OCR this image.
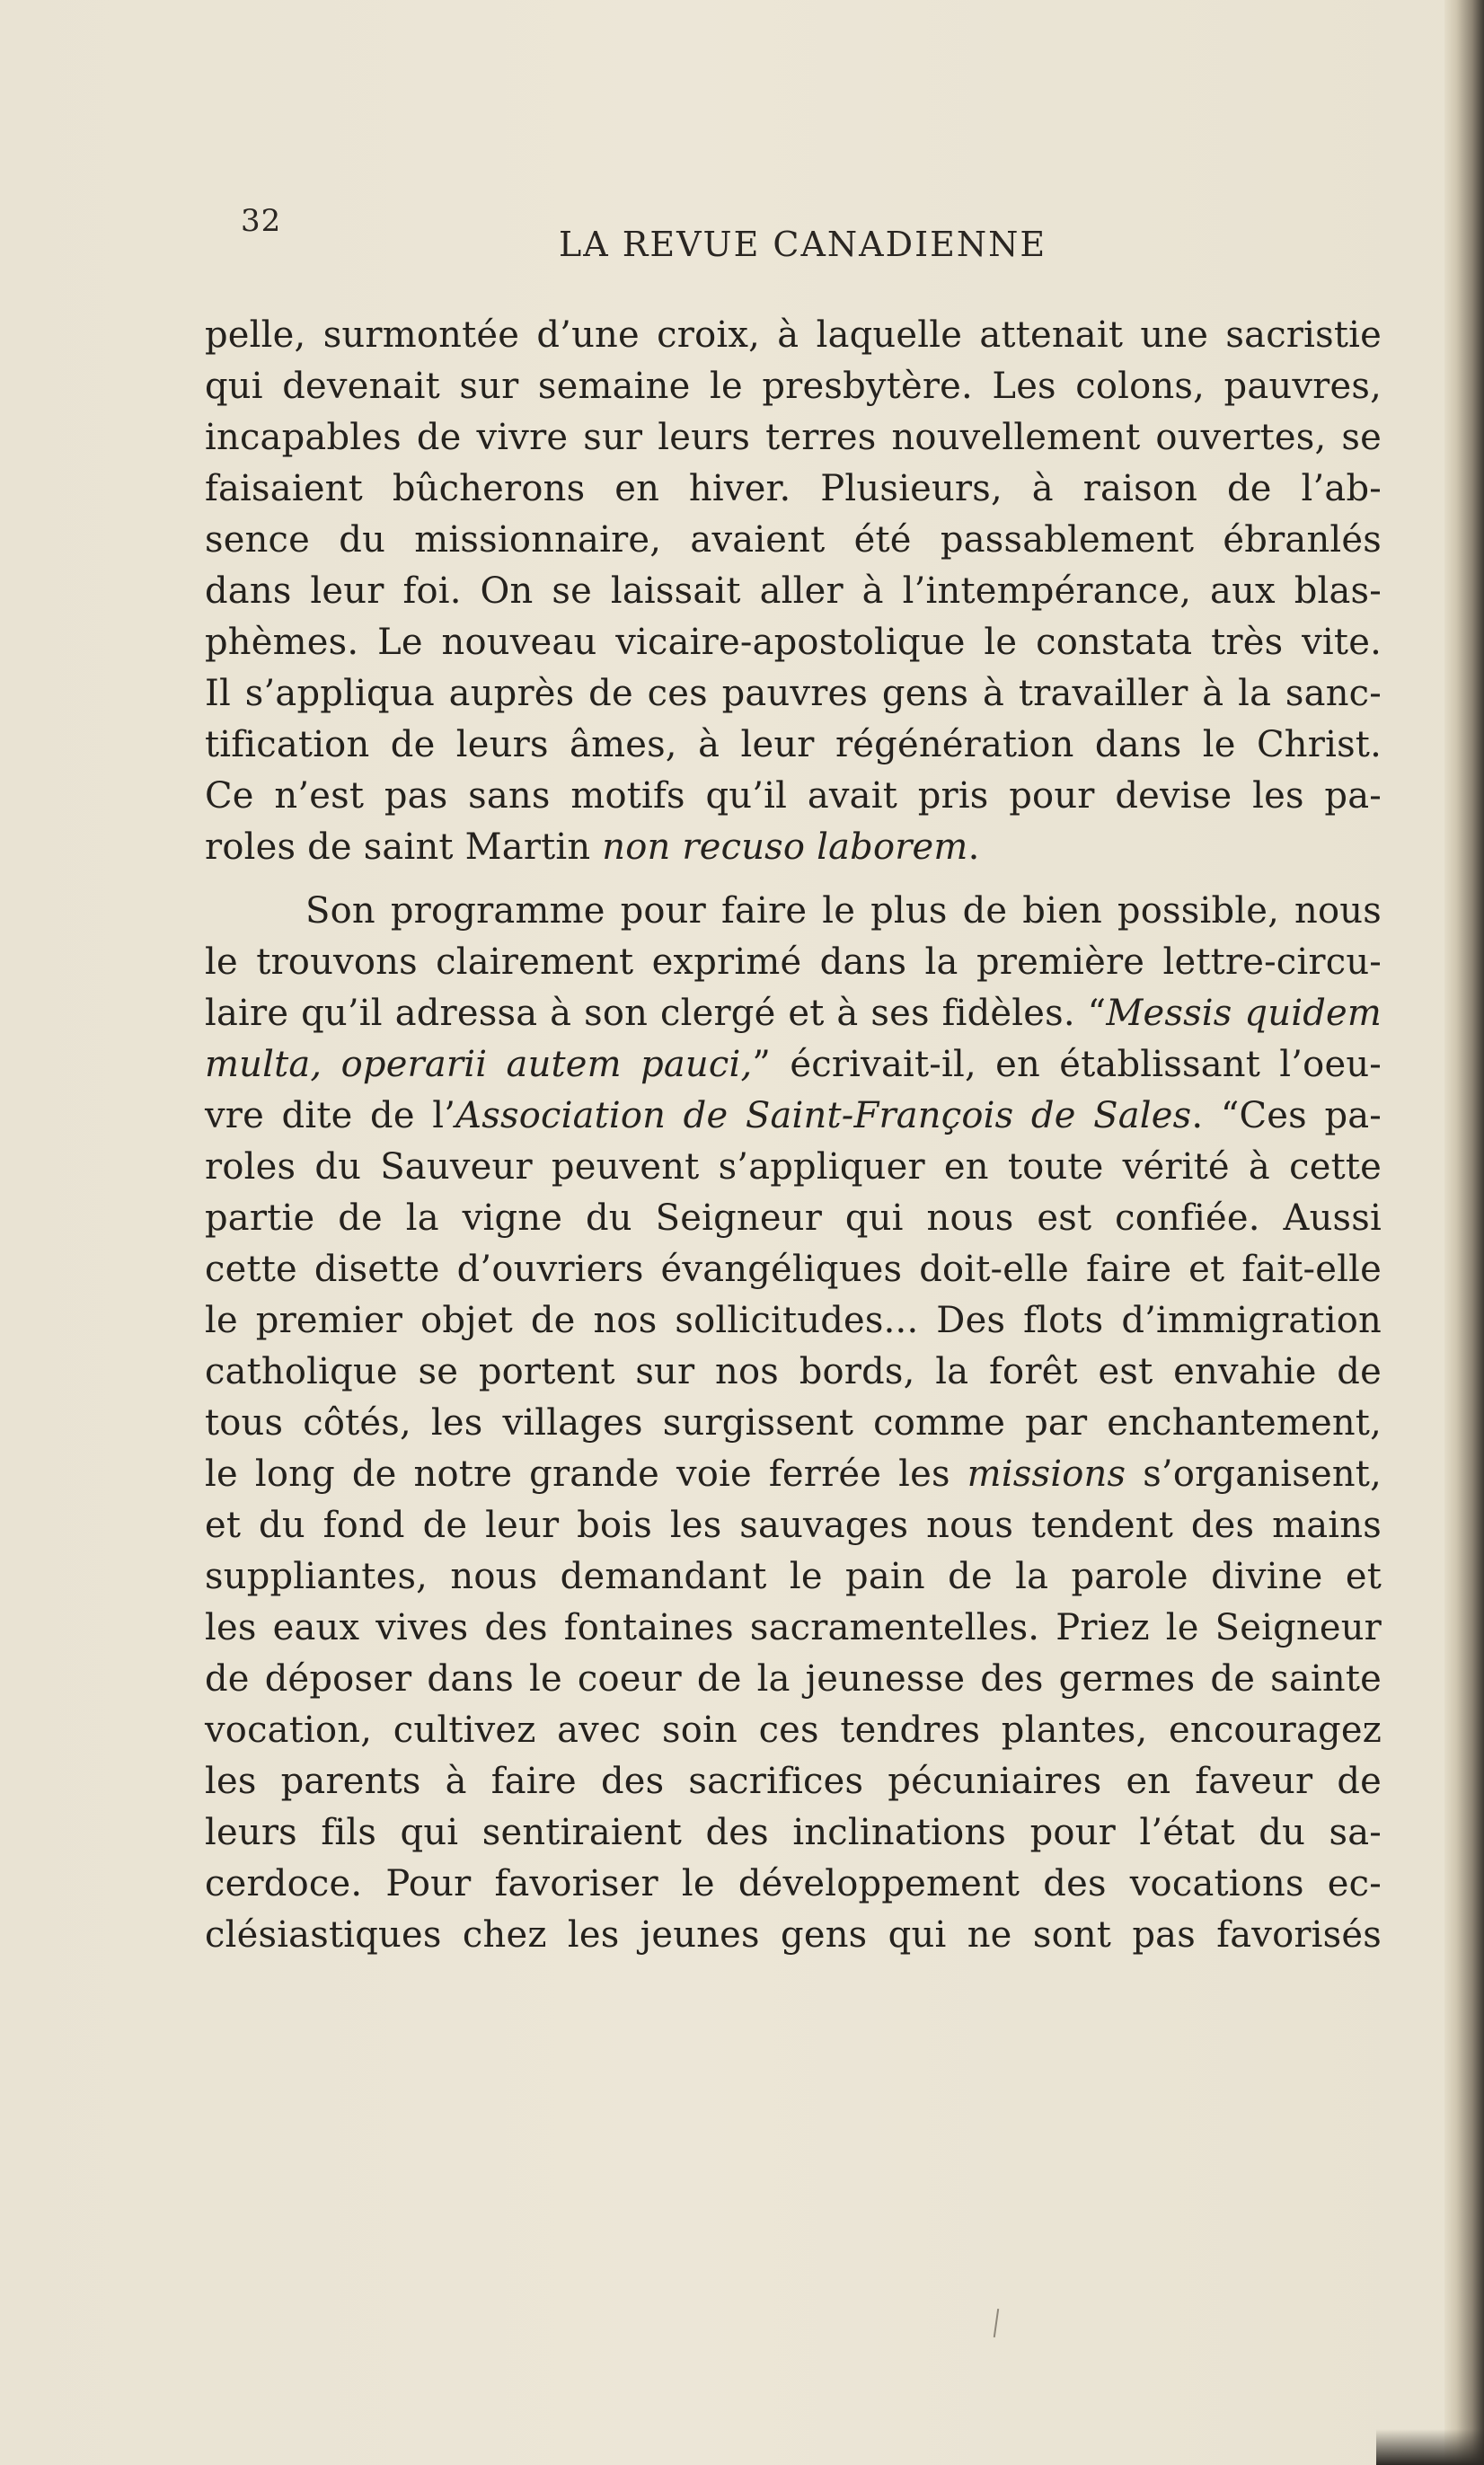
32
LA REVUE CANADIENNE
pelle, surmontée d’une croix, à laquelle attenait une sacristie
qui devenait sur semaine le presbytère. Les colons, pauvres,
incapables de vivre sur leurs terres nouvellement ouvertes, se
faisaient bûcherons en hiver. Plusieurs, à raison de l’ab-
sence du missionnaire, avaient été passablement ébranlés
dans leur foi. On se laissait aller à l’intempérance, aux blas-
phèmes. Le nouveau vicaire-apostolique le constata très vite.
Il s’appliqua auprès de ces pauvres gens à travailler à la sanc-
tification de leurs âmes, à leur régénération dans le Christ.
Ce n’est pas sans motifs qu’il avait pris pour devise les pa-
roles de saint Martin non recuso laborem.
Son programme pour faire le plus de bien possible, nous
le trouvons clairement exprimé dans la première lettre-circu-
laire qu’il adressa à son clergé et à ses fidèles. “Messis quidem
multa, operarii autem pauci,” écrivait-il, en établissant l’oeu-
vre dite de l’Association de Saint-François de Sales. “Ces pa-
roles du Sauveur peuvent s’appliquer en toute vérité à cette
partie de la vigne du Seigneur qui nous est confiée. Aussi
cette disette d’ouvriers évangéliques doit-elle faire et fait-elle
le premier objet de nos sollicitudes... Des flots d’immigration
catholique se portent sur nos bords, la forêt est envahie de
tous côtés, les villages surgissent comme par enchantement,
le long de notre grande voie ferrée les missions s’organisent,
et du fond de leur bois les sauvages nous tendent des mains
suppliantes, nous demandant le pain de la parole divine et
les eaux vives des fontaines sacramentelles. Priez le Seigneur
de déposer dans le coeur de la jeunesse des germes de sainte
vocation, cultivez avec soin ces tendres plantes, encouragez
les parents à faire des sacrifices pécuniaires en faveur de
leurs fils qui sentiraient des inclinations pour l’état du sa-
cerdoce. Pour favoriser le développement des vocations ec-
clésiastiques chez les jeunes gens qui ne sont pas favorisés
